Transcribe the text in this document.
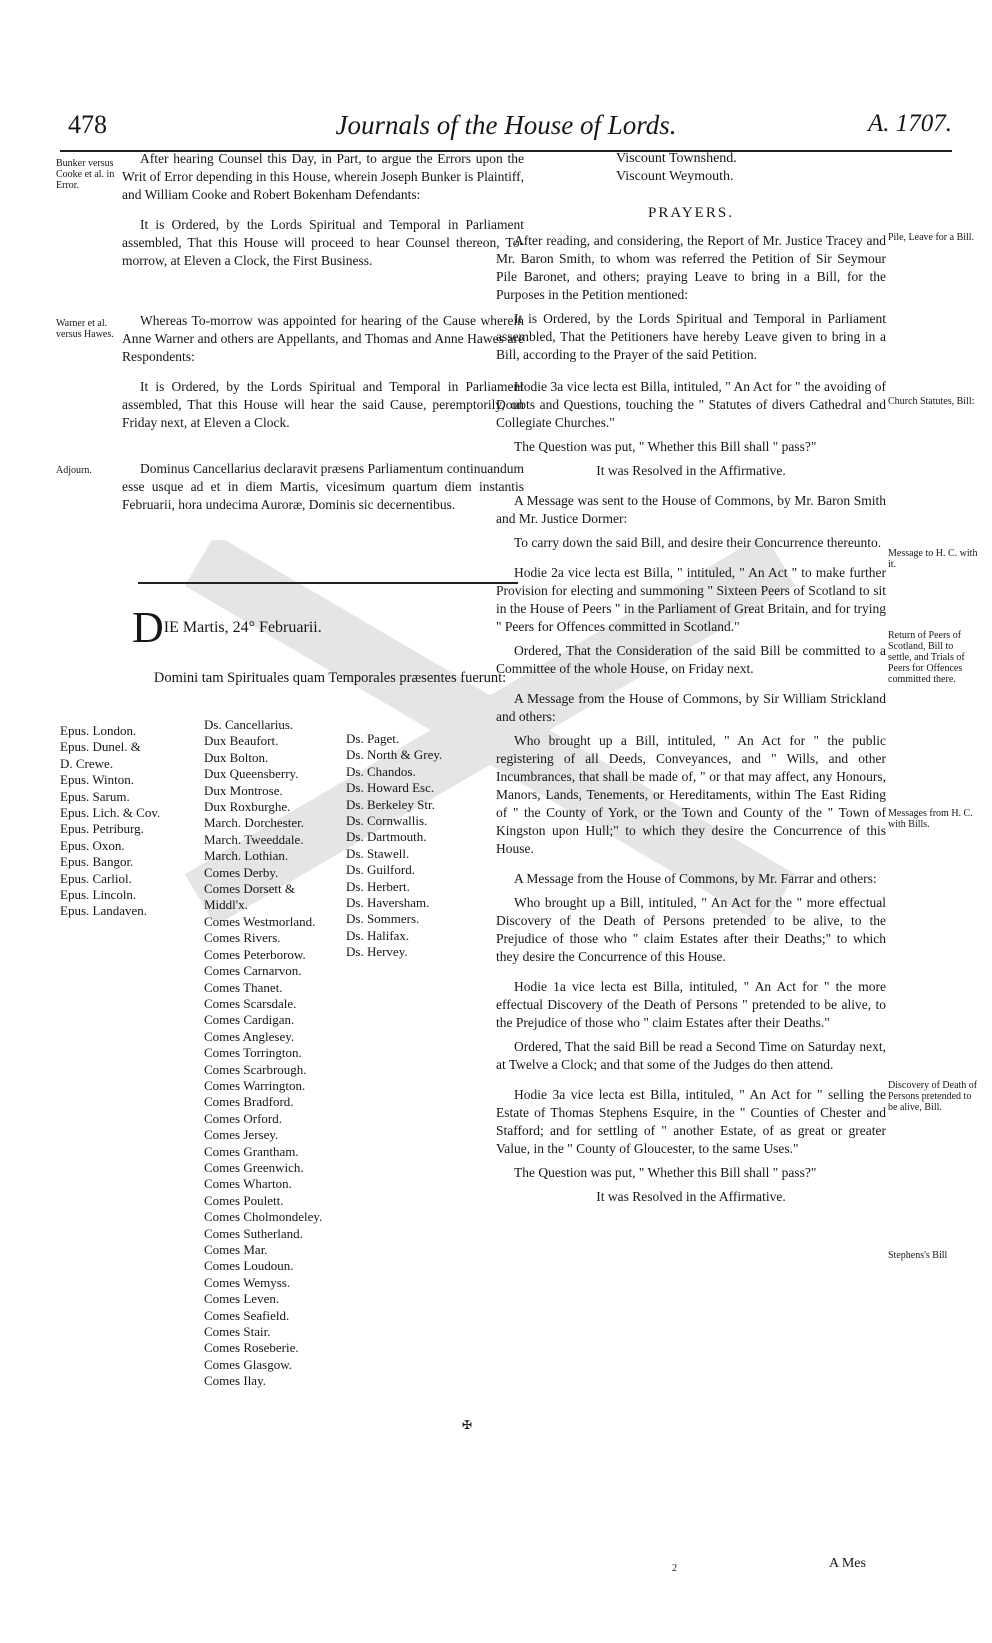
478	Journals of the House of Lords.	A. 1707.
Bunker versus Cooke et al. in Error.
Warner et al. versus Hawes.
Adjourn.

After hearing Counsel this Day, in Part, to argue the Errors upon the Writ of Error depending in this House, wherein Joseph Bunker is Plaintiff, and William Cooke and Robert Bokenham Defendants:

It is Ordered, by the Lords Spiritual and Temporal in Parliament assembled, That this House will proceed to hear Counsel thereon, To-morrow, at Eleven a Clock, the First Business.

Whereas To-morrow was appointed for hearing of the Cause wherein Anne Warner and others are Appellants, and Thomas and Anne Hawes are Respondents:

It is Ordered, by the Lords Spiritual and Temporal in Parliament assembled, That this House will hear the said Cause, peremptorily, on Friday next, at Eleven a Clock.

Dominus Cancellarius declaravit præsens Parliamentum continuandum esse usque ad et in diem Martis, vicesimum quartum diem instantis Februarii, hora undecima Auroræ, Dominis sic decernentibus.

DIE Martis, 24° Februarii.
Domini tam Spirituales quam Temporales præsentes fuerunt:
Epus. London.
Epus. Dunel. &
D. Crewe.
Epus. Winton.
Epus. Sarum.
Epus. Lich. & Cov.
Epus. Petriburg.
Epus. Oxon.
Epus. Bangor.
Epus. Carliol.
Epus. Lincoln.
Epus. Landaven.
Ds. Cancellarius.
Dux Beaufort.
Dux Bolton.
Dux Queensberry.
Dux Montrose.
Dux Roxburghe.
March. Dorchester.
March. Tweeddale.
March. Lothian.
Comes Derby.
Comes Dorsett &
Middl'x.
Comes Westmorland.
Comes Rivers.
Comes Peterborow.
Comes Carnarvon.
Comes Thanet.
Comes Scarsdale.
Comes Cardigan.
Comes Anglesey.
Comes Torrington.
Comes Scarbrough.
Comes Warrington.
Comes Bradford.
Comes Orford.
Comes Jersey.
Comes Grantham.
Comes Greenwich.
Comes Wharton.
Comes Poulett.
Comes Cholmondeley.
Comes Sutherland.
Comes Mar.
Comes Loudoun.
Comes Wemyss.
Comes Leven.
Comes Seafield.
Comes Stair.
Comes Roseberie.
Comes Glasgow.
Comes Ilay.
Ds. Paget.
Ds. North & Grey.
Ds. Chandos.
Ds. Howard Esc.
Ds. Berkeley Str.
Ds. Cornwallis.
Ds. Dartmouth.
Ds. Stawell.
Ds. Guilford.
Ds. Herbert.
Ds. Haversham.
Ds. Sommers.
Ds. Halifax.
Ds. Hervey.
✠
Viscount Townshend.
Viscount Weymouth.
PRAYERS.

After reading, and considering, the Report of Mr. Justice Tracey and Mr. Baron Smith, to whom was referred the Petition of Sir Seymour Pile Baronet, and others; praying Leave to bring in a Bill, for the Purposes in the Petition mentioned:

It is Ordered, by the Lords Spiritual and Temporal in Parliament assembled, That the Petitioners have hereby Leave given to bring in a Bill, according to the Prayer of the said Petition.

Hodie 3a vice lecta est Billa, intituled, " An Act for " the avoiding of Doubts and Questions, touching the " Statutes of divers Cathedral and Collegiate Churches."

The Question was put, " Whether this Bill shall " pass?"

It was Resolved in the Affirmative.

A Message was sent to the House of Commons, by Mr. Baron Smith and Mr. Justice Dormer:

To carry down the said Bill, and desire their Concurrence thereunto.

Hodie 2a vice lecta est Billa, " intituled, " An Act " to make further Provision for electing and summoning " Sixteen Peers of Scotland to sit in the House of Peers " in the Parliament of Great Britain, and for trying " Peers for Offences committed in Scotland."

Ordered, That the Consideration of the said Bill be committed to a Committee of the whole House, on Friday next.

A Message from the House of Commons, by Sir William Strickland and others:

Who brought up a Bill, intituled, " An Act for " the public registering of all Deeds, Conveyances, and " Wills, and other Incumbrances, that shall be made of, " or that may affect, any Honours, Manors, Lands, Tenements, or Hereditaments, within The East Riding of " the County of York, or the Town and County of the " Town of Kingston upon Hull;" to which they desire the Concurrence of this House.

A Message from the House of Commons, by Mr. Farrar and others:

Who brought up a Bill, intituled, " An Act for the " more effectual Discovery of the Death of Persons pretended to be alive, to the Prejudice of those who " claim Estates after their Deaths;" to which they desire the Concurrence of this House.

Hodie 1a vice lecta est Billa, intituled, " An Act for " the more effectual Discovery of the Death of Persons " pretended to be alive, to the Prejudice of those who " claim Estates after their Deaths."

Ordered, That the said Bill be read a Second Time on Saturday next, at Twelve a Clock; and that some of the Judges do then attend.

Hodie 3a vice lecta est Billa, intituled, " An Act for " selling the Estate of Thomas Stephens Esquire, in the " Counties of Chester and Stafford; and for settling of " another Estate, of as great or greater Value, in the " County of Gloucester, to the same Uses."

The Question was put, " Whether this Bill shall " pass?"

It was Resolved in the Affirmative.

Pile, Leave for a Bill.
Church Statutes, Bill:
Message to H. C. with it.
Return of Peers of Scotland, Bill to settle, and Trials of Peers for Offences committed there.
Messages from H. C. with Bills.
Discovery of Death of Persons pretended to be alive, Bill.
Stephens's Bill
2	A Mes
